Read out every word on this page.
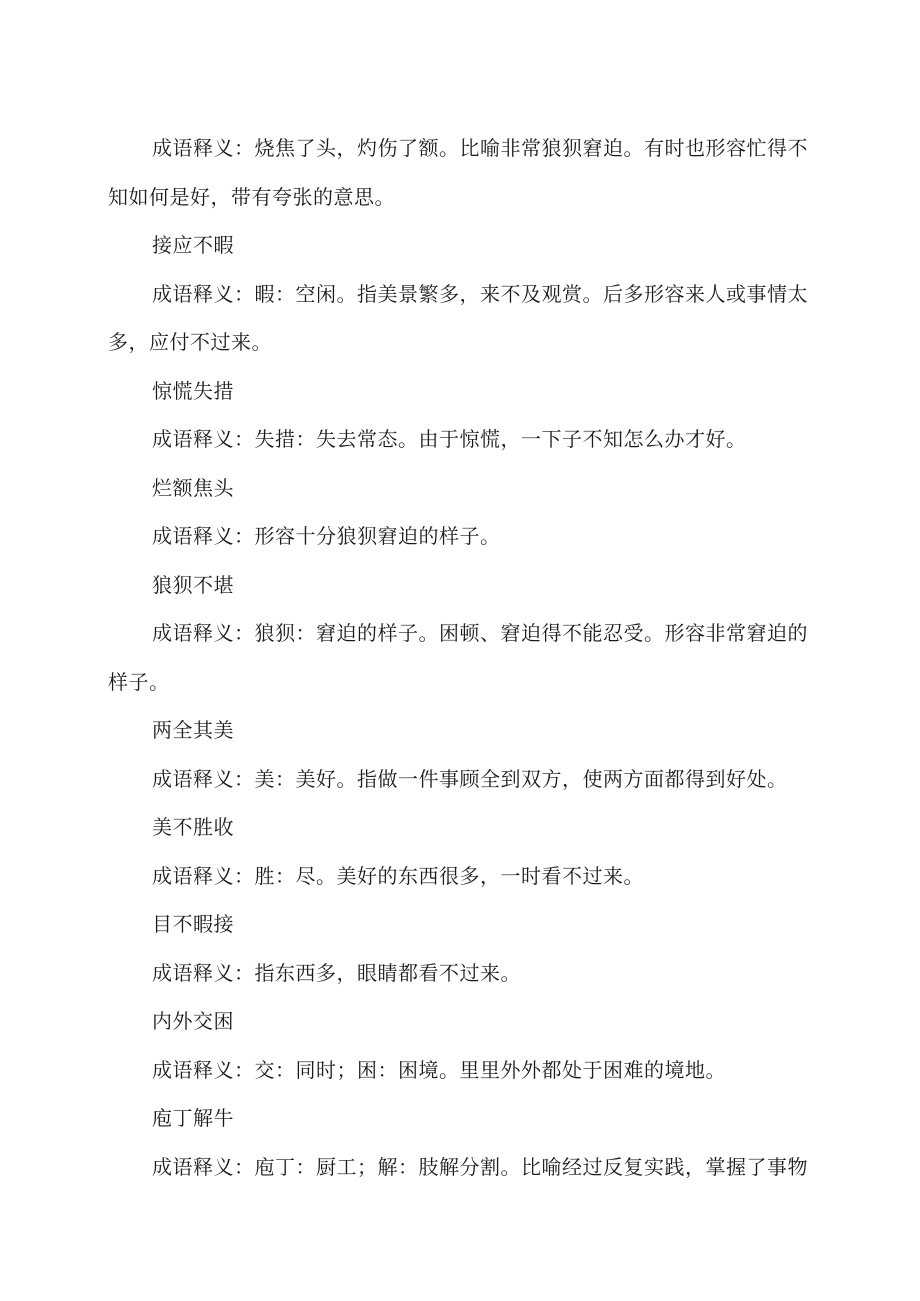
成语释义：烧焦了头，灼伤了额。比喻非常狼狈窘迫。有时也形容忙得不知如何是好，带有夸张的意思。

接应不暇

成语释义：暇：空闲。指美景繁多，来不及观赏。后多形容来人或事情太多，应付不过来。

惊慌失措

成语释义：失措：失去常态。由于惊慌，一下子不知怎么办才好。

烂额焦头

成语释义：形容十分狼狈窘迫的样子。

狼狈不堪

成语释义：狼狈：窘迫的样子。困顿、窘迫得不能忍受。形容非常窘迫的样子。

两全其美

成语释义：美：美好。指做一件事顾全到双方，使两方面都得到好处。

美不胜收

成语释义：胜：尽。美好的东西很多，一时看不过来。

目不暇接

成语释义：指东西多，眼睛都看不过来。

内外交困

成语释义：交：同时；困：困境。里里外外都处于困难的境地。

庖丁解牛

成语释义：庖丁：厨工；解：肢解分割。比喻经过反复实践，掌握了事物
